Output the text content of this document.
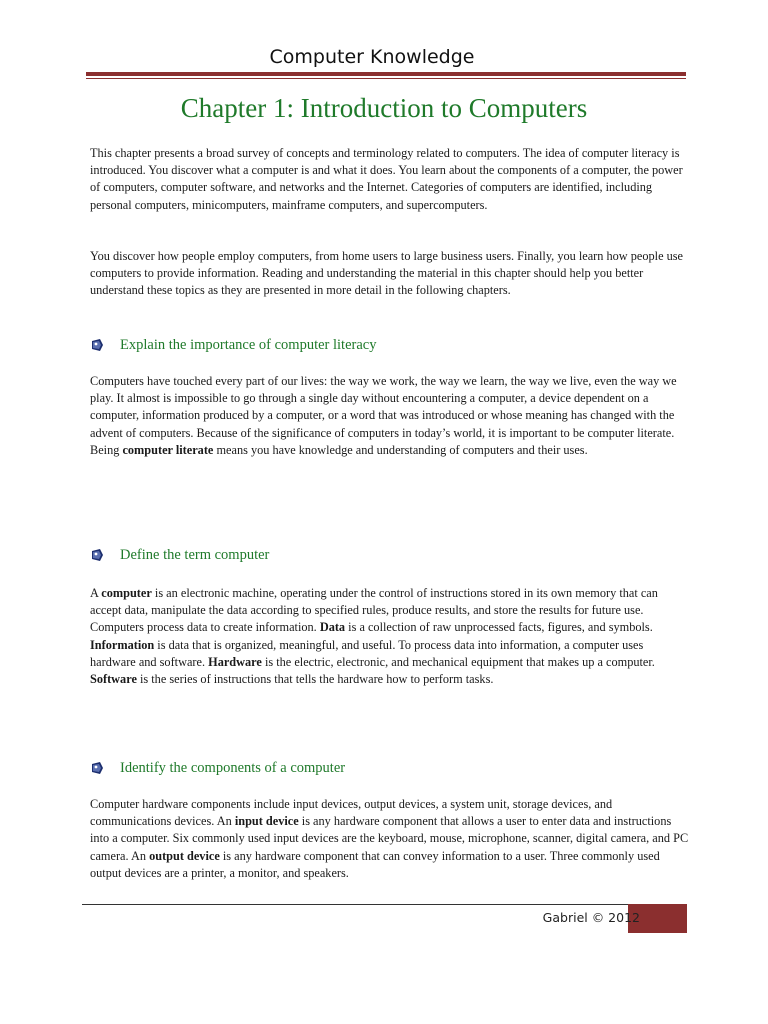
Computer Knowledge
Chapter 1: Introduction to Computers

This chapter presents a broad survey of concepts and terminology related to computers. The idea of computer literacy is introduced. You discover what a computer is and what it does. You learn about the components of a computer, the power of computers, computer software, and networks and the Internet. Categories of computers are identified, including personal computers, minicomputers, mainframe computers, and supercomputers.

You discover how people employ computers, from home users to large business users. Finally, you learn how people use computers to provide information. Reading and understanding the material in this chapter should help you better understand these topics as they are presented in more detail in the following chapters.

Explain the importance of computer literacy

Computers have touched every part of our lives: the way we work, the way we learn, the way we live, even the way we play. It almost is impossible to go through a single day without encountering a computer, a device dependent on a computer, information produced by a computer, or a word that was introduced or whose meaning has changed with the advent of computers. Because of the significance of computers in today’s world, it is important to be computer literate. Being computer literate means you have knowledge and understanding of computers and their uses.

Define the term computer

A computer is an electronic machine, operating under the control of instructions stored in its own memory that can accept data, manipulate the data according to specified rules, produce results, and store the results for future use. Computers process data to create information. Data is a collection of raw unprocessed facts, figures, and symbols. Information is data that is organized, meaningful, and useful. To process data into information, a computer uses hardware and software. Hardware is the electric, electronic, and mechanical equipment that makes up a computer. Software is the series of instructions that tells the hardware how to perform tasks.

Identify the components of a computer

Computer hardware components include input devices, output devices, a system unit, storage devices, and communications devices. An input device is any hardware component that allows a user to enter data and instructions into a computer. Six commonly used input devices are the keyboard, mouse, microphone, scanner, digital camera, and PC camera. An output device is any hardware component that can convey information to a user. Three commonly used output devices are a printer, a monitor, and speakers.

Gabriel © 2012
